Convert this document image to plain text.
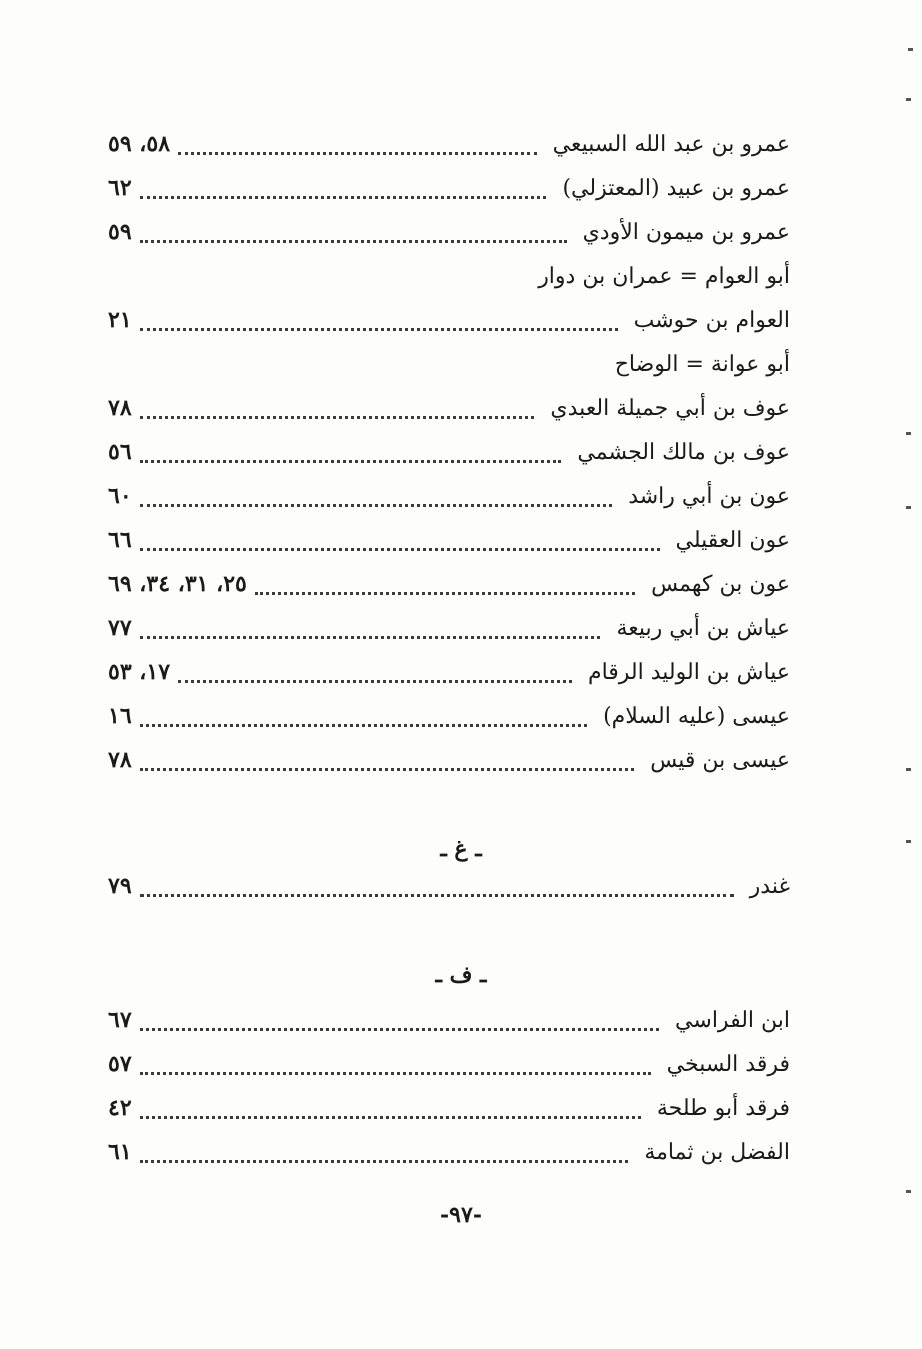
عمرو بن عبد الله السبيعي
٥٨، ٥٩
عمرو بن عبيد (المعتزلي)
٦٢
عمرو بن ميمون الأودي
٥٩
أبو العوام = عمران بن دوار
العوام بن حوشب
٢١
أبو عوانة = الوضاح
عوف بن أبي جميلة العبدي
٧٨
عوف بن مالك الجشمي
٥٦
عون بن أبي راشد
٦٠
عون العقيلي
٦٦
عون بن كهمس
٢٥، ٣١، ٣٤، ٦٩
عياش بن أبي ربيعة
٧٧
عياش بن الوليد الرقام
١٧، ٥٣
عيسى (عليه السلام)
١٦
عيسى بن قيس
٧٨
ـ غ ـ
غندر
٧٩
ـ ف ـ
ابن الفراسي
٦٧
فرقد السبخي
٥٧
فرقد أبو طلحة
٤٢
الفضل بن ثمامة
٦١
-٩٧-
